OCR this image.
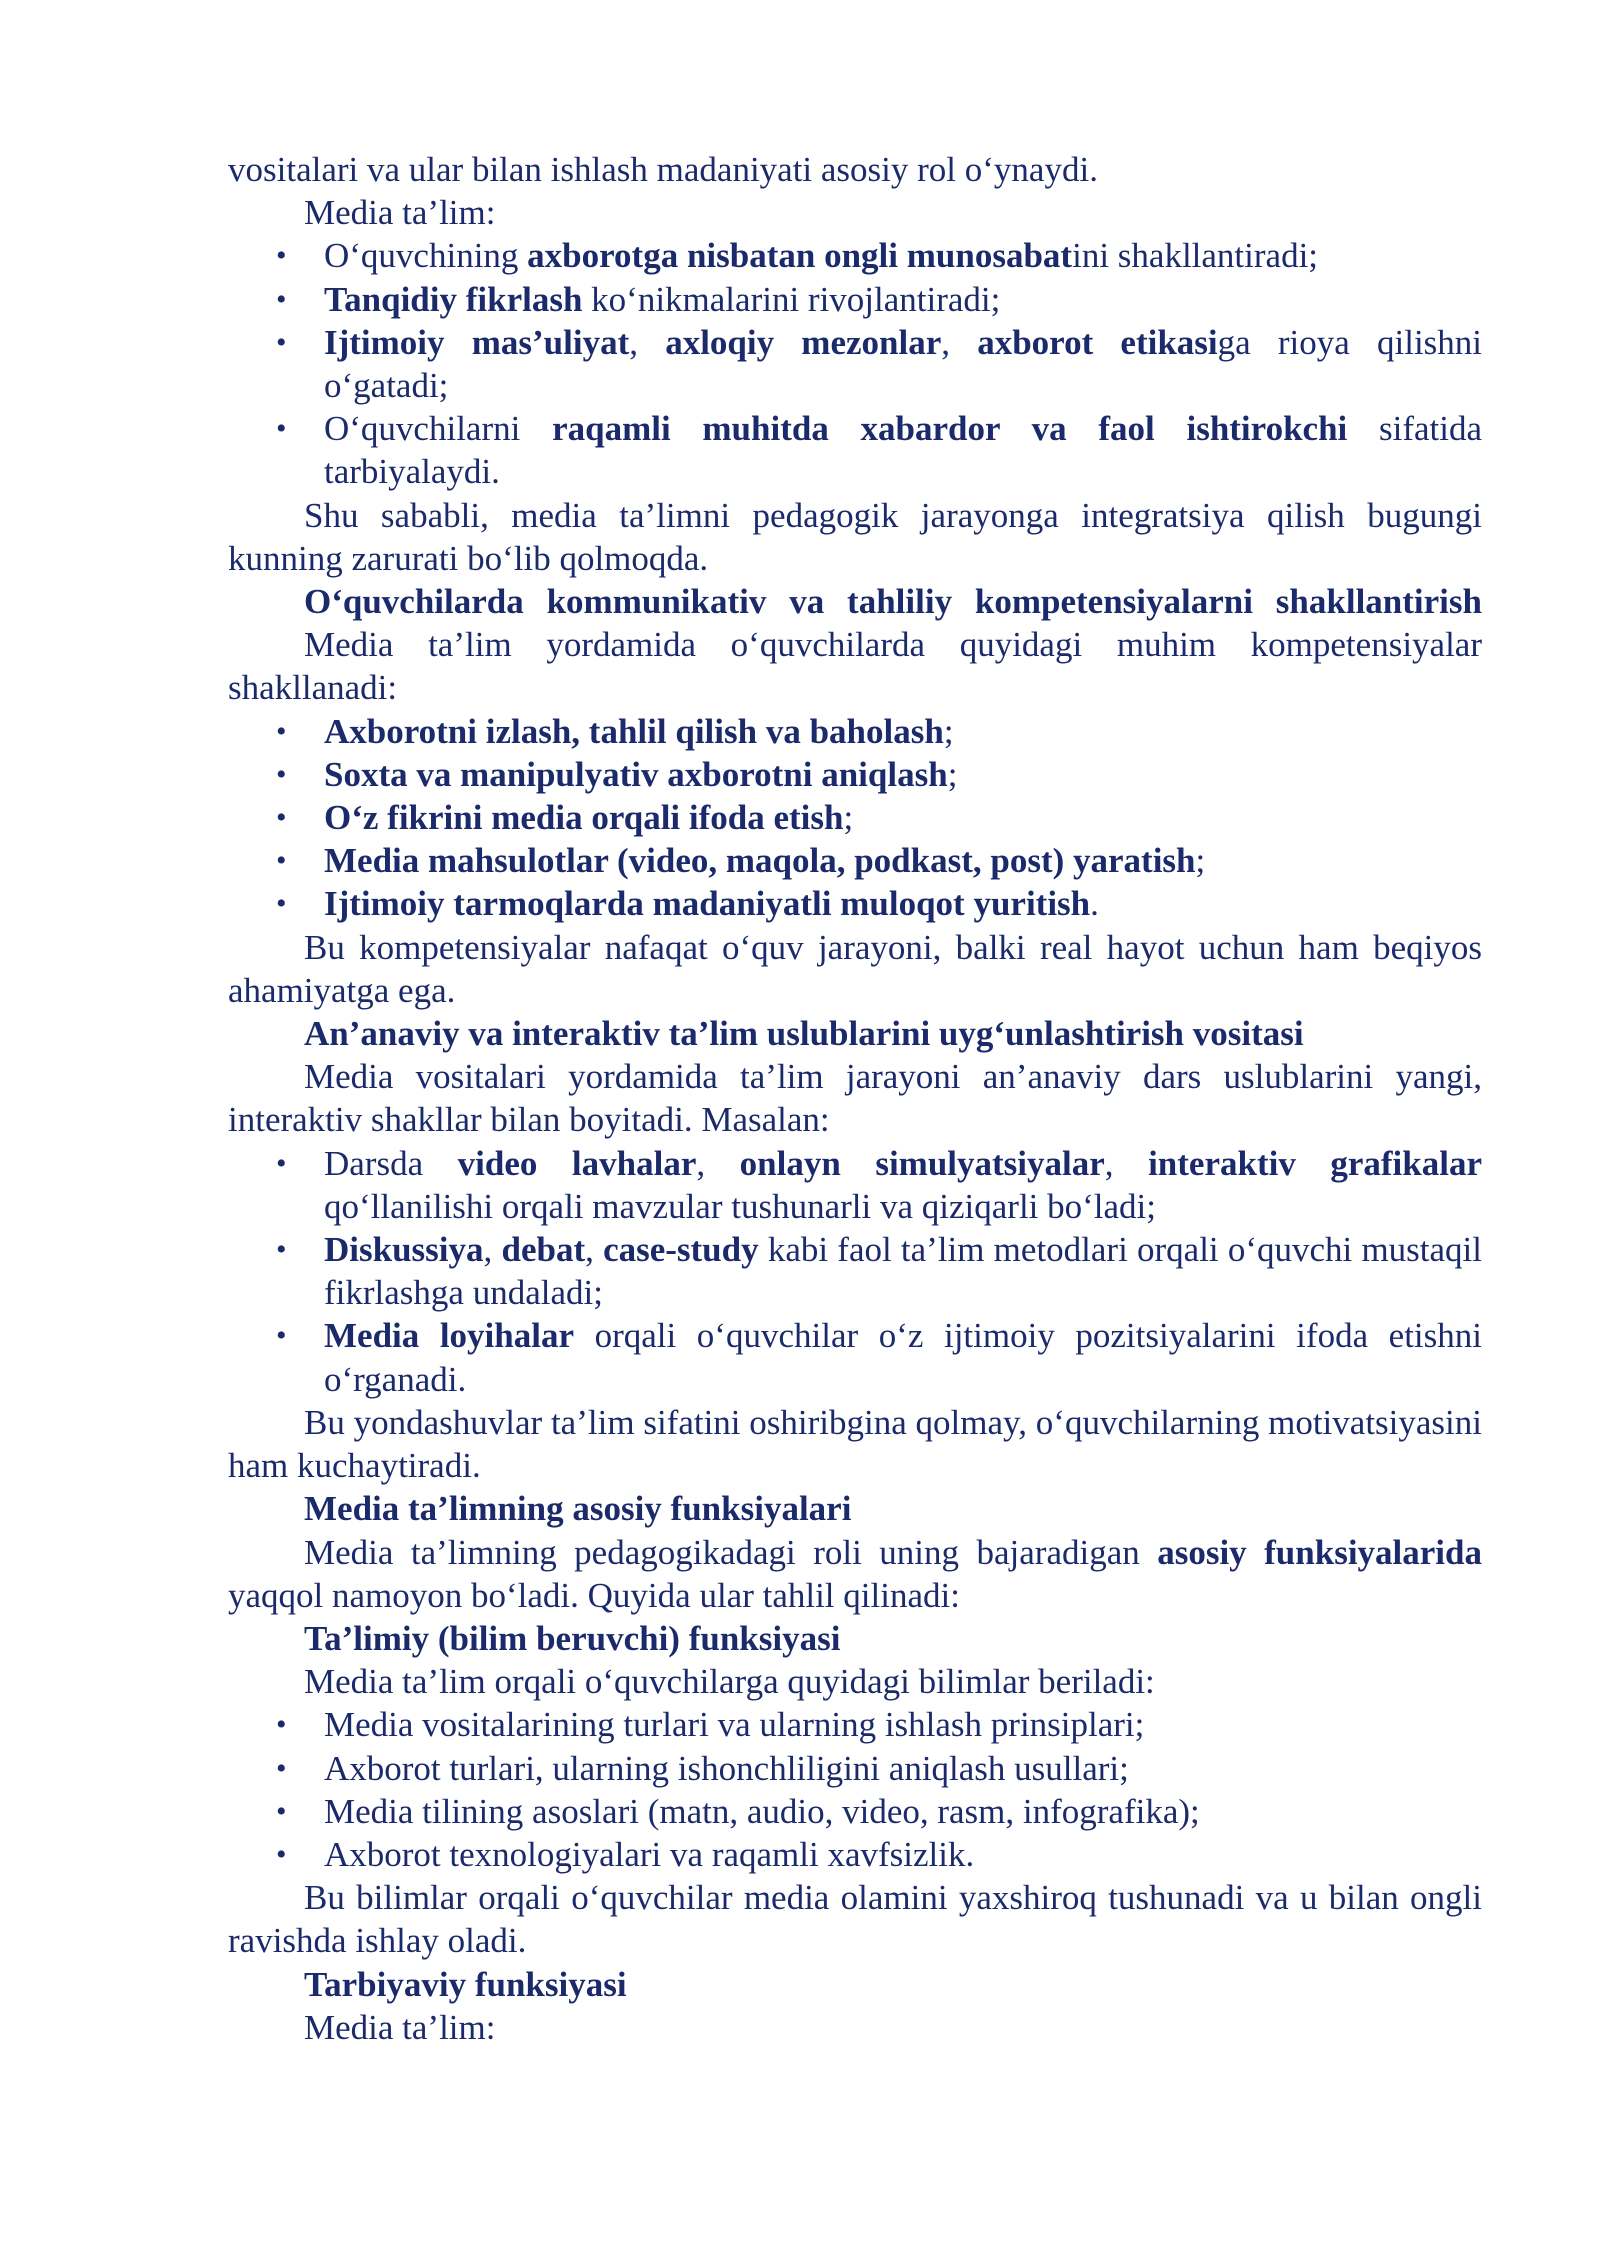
vositalari va ular bilan ishlash madaniyati asosiy rol o‘ynaydi.

Media ta’lim:

• O‘quvchining axborotga nisbatan ongli munosabatini shakllantiradi;
• Tanqidiy fikrlash ko‘nikmalarini rivojlantiradi;
• Ijtimoiy mas’uliyat, axloqiy mezonlar, axborot etikasiga rioya qilishni o‘gatadi;
• O‘quvchilarni raqamli muhitda xabardor va faol ishtirokchi sifatida tarbiyalaydi.

Shu sababli, media ta’limni pedagogik jarayonga integratsiya qilish bugungi kunning zarurati bo‘lib qolmoqda.

O‘quvchilarda kommunikativ va tahliliy kompetensiyalarni shakllantirish

Media ta’lim yordamida o‘quvchilarda quyidagi muhim kompetensiyalar shakllanadi:

• Axborotni izlash, tahlil qilish va baholash;
• Soxta va manipulyativ axborotni aniqlash;
• O‘z fikrini media orqali ifoda etish;
• Media mahsulotlar (video, maqola, podkast, post) yaratish;
• Ijtimoiy tarmoqlarda madaniyatli muloqot yuritish.

Bu kompetensiyalar nafaqat o‘quv jarayoni, balki real hayot uchun ham beqiyos ahamiyatga ega.

An’anaviy va interaktiv ta’lim uslublarini uyg‘unlashtirish vositasi

Media vositalari yordamida ta’lim jarayoni an’anaviy dars uslublarini yangi, interaktiv shakllar bilan boyitadi. Masalan:

• Darsda video lavhalar, onlayn simulyatsiyalar, interaktiv grafikalar qo‘llanilishi orqali mavzular tushunarli va qiziqarli bo‘ladi;
• Diskussiya, debat, case-study kabi faol ta’lim metodlari orqali o‘quvchi mustaqil fikrlashga undaladi;
• Media loyihalar orqali o‘quvchilar o‘z ijtimoiy pozitsiyalarini ifoda etishni o‘rganadi.

Bu yondashuvlar ta’lim sifatini oshiribgina qolmay, o‘quvchilarning motivatsiyasini ham kuchaytiradi.

Media ta’limning asosiy funksiyalari

Media ta’limning pedagogikadagi roli uning bajaradigan asosiy funksiyalarida yaqqol namoyon bo‘ladi. Quyida ular tahlil qilinadi:

Ta’limiy (bilim beruvchi) funksiyasi

Media ta’lim orqali o‘quvchilarga quyidagi bilimlar beriladi:

• Media vositalarining turlari va ularning ishlash prinsiplari;
• Axborot turlari, ularning ishonchliligini aniqlash usullari;
• Media tilining asoslari (matn, audio, video, rasm, infografika);
• Axborot texnologiyalari va raqamli xavfsizlik.

Bu bilimlar orqali o‘quvchilar media olamini yaxshiroq tushunadi va u bilan ongli ravishda ishlay oladi.

Tarbiyaviy funksiyasi

Media ta’lim:
